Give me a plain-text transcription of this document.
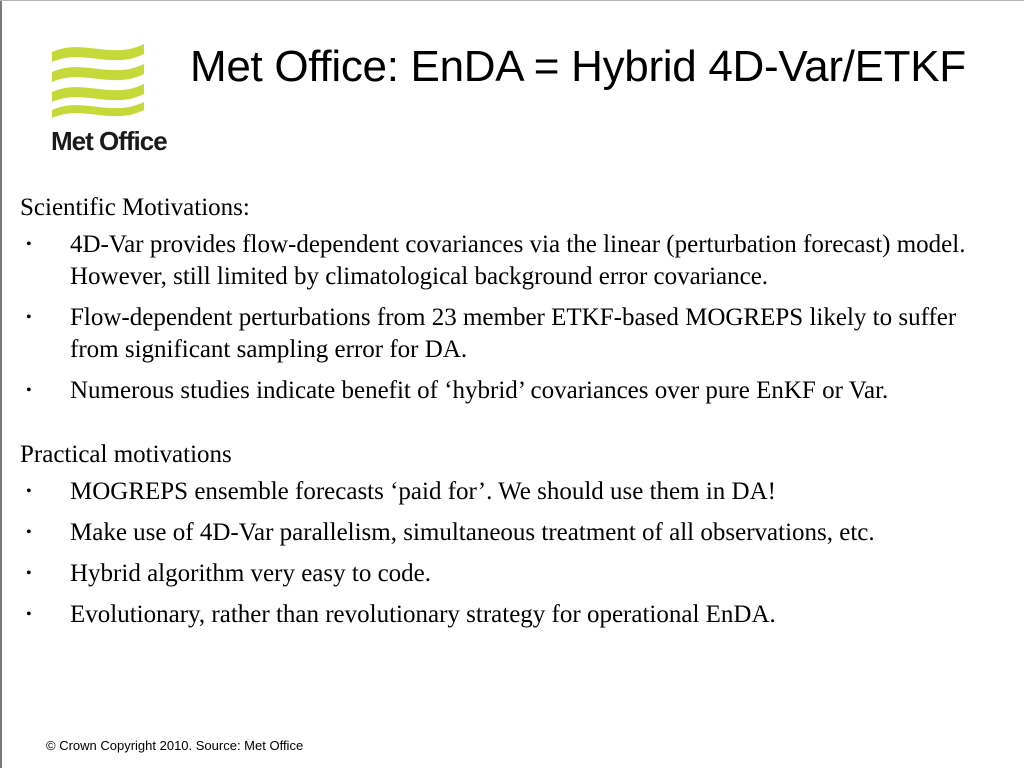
Met Office
Met Office: EnDA = Hybrid 4D-Var/ETKF

Scientific Motivations:

• 4D-Var provides flow-dependent covariances via the linear (perturbation forecast) model. However, still limited by climatological background error covariance.
• Flow-dependent perturbations from 23 member ETKF-based MOGREPS likely to suffer from significant sampling error for DA.
• Numerous studies indicate benefit of ‘hybrid’ covariances over pure EnKF or Var.

Practical motivations

• MOGREPS ensemble forecasts ‘paid for’. We should use them in DA!
• Make use of 4D-Var parallelism, simultaneous treatment of all observations, etc.
• Hybrid algorithm very easy to code.
• Evolutionary, rather than revolutionary strategy for operational EnDA.
© Crown Copyright 2010. Source: Met Office
